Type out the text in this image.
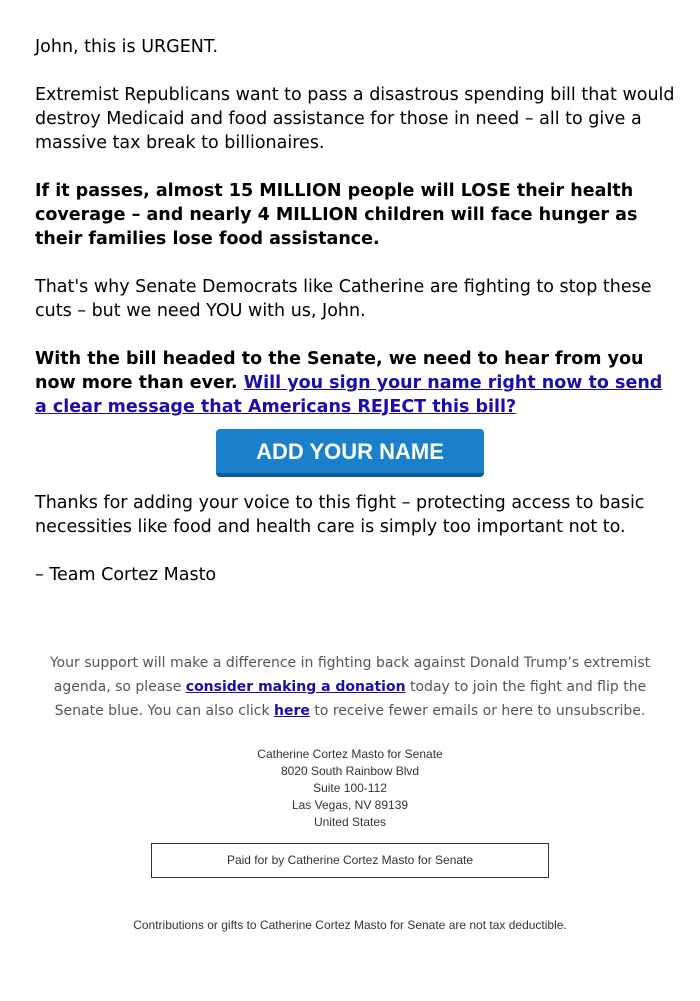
John, this is URGENT.

Extremist Republicans want to pass a disastrous spending bill that would destroy Medicaid and food assistance for those in need – all to give a massive tax break to billionaires.

If it passes, almost 15 MILLION people will LOSE their health coverage – and nearly 4 MILLION children will face hunger as their families lose food assistance.

That's why Senate Democrats like Catherine are fighting to stop these cuts – but we need YOU with us, John.

With the bill headed to the Senate, we need to hear from you now more than ever. Will you sign your name right now to send a clear message that Americans REJECT this bill?

ADD YOUR NAME

Thanks for adding your voice to this fight – protecting access to basic necessities like food and health care is simply too important not to.

– Team Cortez Masto

Your support will make a difference in fighting back against Donald Trump’s extremist agenda, so please consider making a donation today to join the fight and flip the Senate blue. You can also click here to receive fewer emails or here to unsubscribe.
Catherine Cortez Masto for Senate
8020 South Rainbow Blvd
Suite 100-112
Las Vegas, NV 89139
United States
Paid for by Catherine Cortez Masto for Senate
Contributions or gifts to Catherine Cortez Masto for Senate are not tax deductible.
